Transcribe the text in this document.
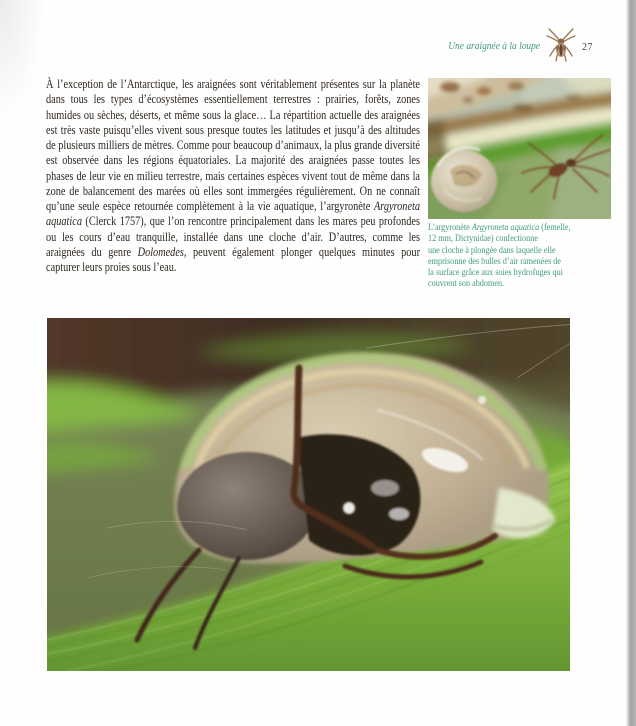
Une araignée à la loupe	27
À l’exception de l’Antarctique, les araignées sont véritablement présentes sur la planète dans tous les types d’écosystèmes essentiellement terrestres : prairies, forêts, zones humides ou sèches, déserts, et même sous la glace… La répartition actuelle des araignées est très vaste puisqu’elles vivent sous presque toutes les latitudes et jusqu’à des altitudes de plusieurs milliers de mètres. Comme pour beaucoup d’animaux, la plus grande diversité est observée dans les régions équatoriales. La majorité des araignées passe toutes les phases de leur vie en milieu terrestre, mais certaines espèces vivent tout de même dans la zone de balancement des marées où elles sont immergées régulièrement. On ne connaît qu’une seule espèce retournée complètement à la vie aquatique, l’argyronète Argyroneta aquatica (Clerck 1757), que l’on rencontre principalement dans les mares peu profondes ou les cours d’eau tranquille, installée dans une cloche d’air. D’autres, comme les araignées du genre Dolomedes, peuvent également plonger quelques minutes pour capturer leurs proies sous l’eau.
L’argyronète Argyroneta aquatica (femelle,
12 mm, Dictynidae) confectionne
une cloche à plongée dans laquelle elle
emprisonne des bulles d’air ramenées de
la surface grâce aux soies hydrofuges qui
couvrent son abdomen.
